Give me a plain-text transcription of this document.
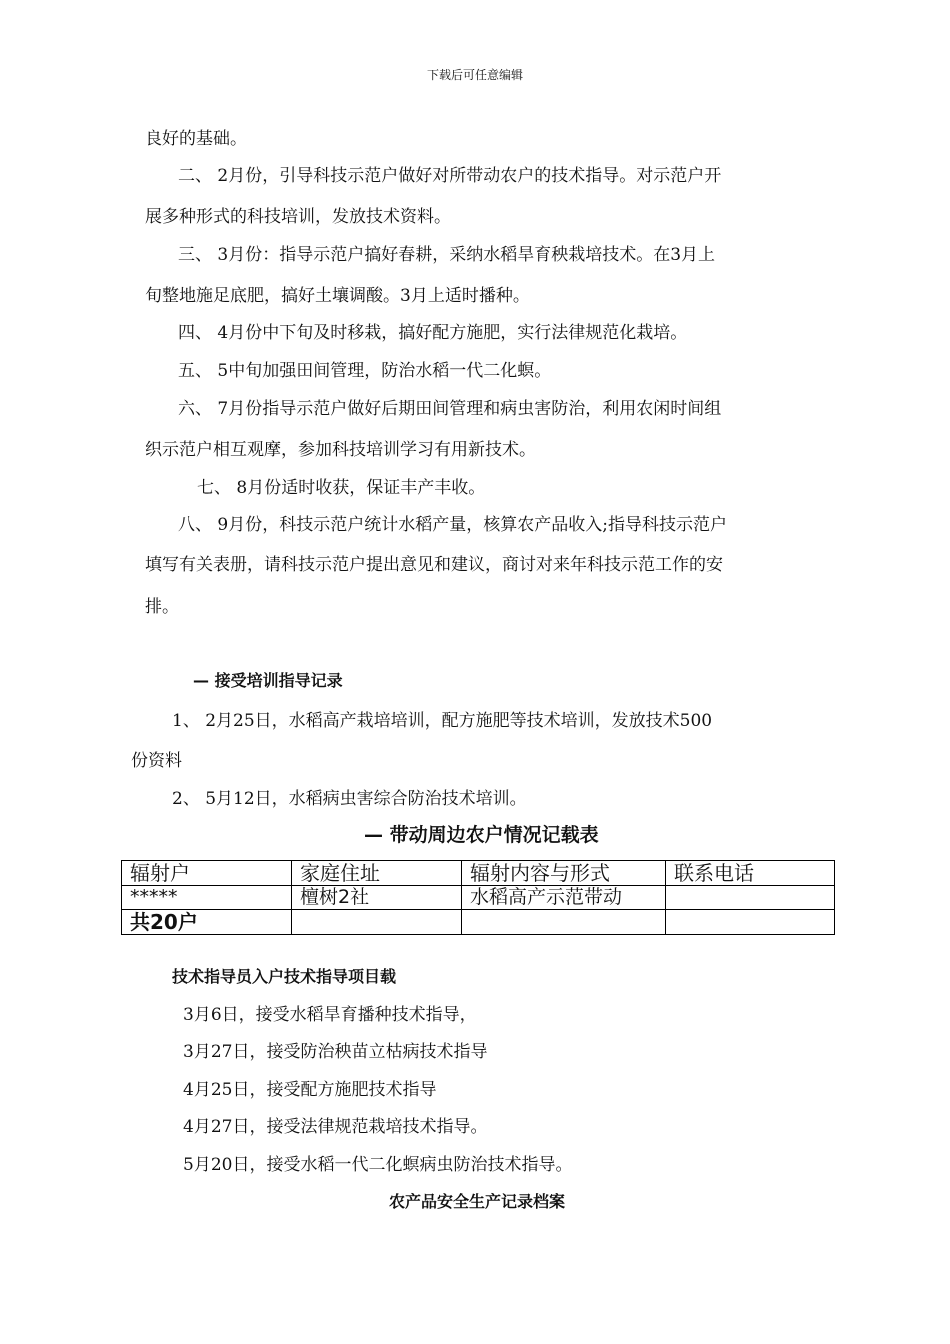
下载后可任意编辑
良好的基础。
二、 2月份，引导科技示范户做好对所带动农户的技术指导。对示范户开
展多种形式的科技培训，发放技术资料。
三、 3月份：指导示范户搞好春耕，采纳水稻旱育秧栽培技术。在3月上
旬整地施足底肥，搞好土壤调酸。3月上适时播种。
四、 4月份中下旬及时移栽，搞好配方施肥，实行法律规范化栽培。
五、 5中旬加强田间管理，防治水稻一代二化螟。
六、 7月份指导示范户做好后期田间管理和病虫害防治，利用农闲时间组
织示范户相互观摩，参加科技培训学习有用新技术。
七、 8月份适时收获，保证丰产丰收。
八、 9月份，科技示范户统计水稻产量，核算农产品收入;指导科技示范户
填写有关表册，请科技示范户提出意见和建议，商讨对来年科技示范工作的安
排。
— 接受培训指导记录
1、 2月25日，水稻高产栽培培训，配方施肥等技术培训，发放技术500
份资料
2、 5月12日，水稻病虫害综合防治技术培训。
— 带动周边农户情况记载表
辐射户	家庭住址	辐射内容与形式	联系电话
*****	檀树2社	水稻高产示范带动	
共20户			
技术指导员入户技术指导项目载
3月6日，接受水稻旱育播种技术指导，
3月27日，接受防治秧苗立枯病技术指导
4月25日，接受配方施肥技术指导
4月27日，接受法律规范栽培技术指导。
5月20日，接受水稻一代二化螟病虫防治技术指导。
农产品安全生产记录档案
